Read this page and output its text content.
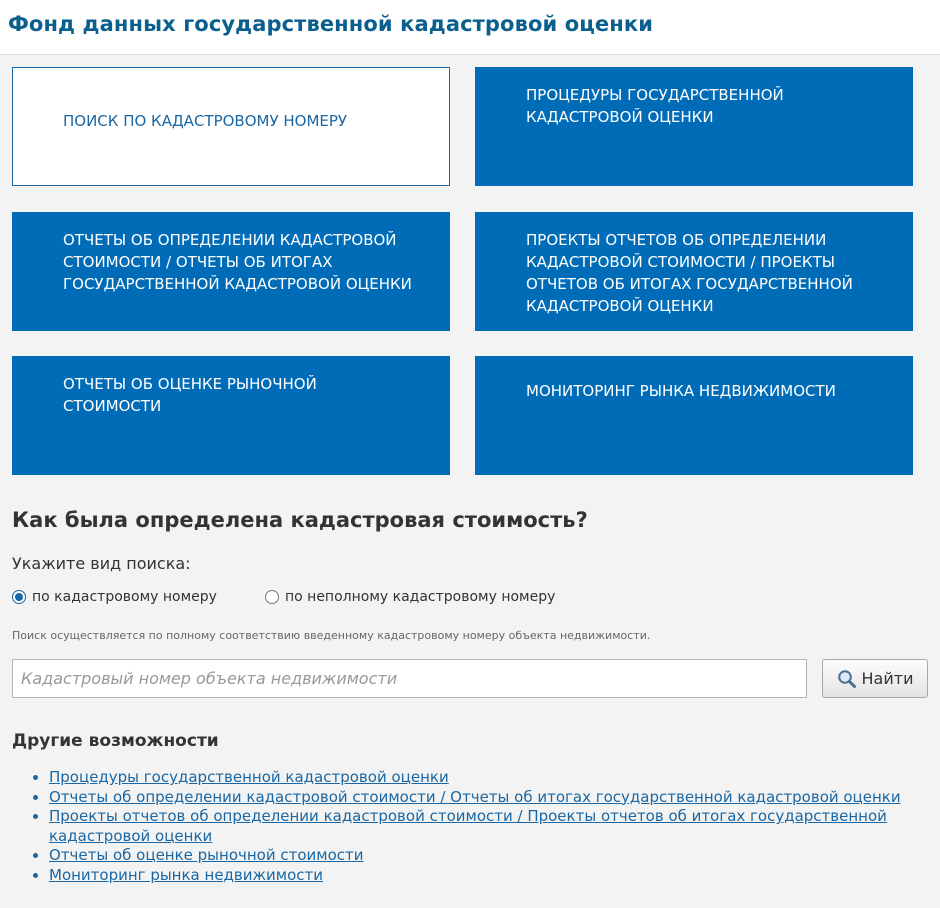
Фонд данных государственной кадастровой оценки
ПОИСК ПО КАДАСТРОВОМУ НОМЕРУ
ПРОЦЕДУРЫ ГОСУДАРСТВЕННОЙ
КАДАСТРОВОЙ ОЦЕНКИ
ОТЧЕТЫ ОБ ОПРЕДЕЛЕНИИ КАДАСТРОВОЙ
СТОИМОСТИ / ОТЧЕТЫ ОБ ИТОГАХ
ГОСУДАРСТВЕННОЙ КАДАСТРОВОЙ ОЦЕНКИ
ПРОЕКТЫ ОТЧЕТОВ ОБ ОПРЕДЕЛЕНИИ
КАДАСТРОВОЙ СТОИМОСТИ / ПРОЕКТЫ
ОТЧЕТОВ ОБ ИТОГАХ ГОСУДАРСТВЕННОЙ
КАДАСТРОВОЙ ОЦЕНКИ
ОТЧЕТЫ ОБ ОЦЕНКЕ РЫНОЧНОЙ
СТОИМОСТИ
МОНИТОРИНГ РЫНКА НЕДВИЖИМОСТИ
Как была определена кадастровая стоимость?
Укажите вид поиска:
по кадастровому номеру	по неполному кадастровому номеру
Поиск осуществляется по полному соответствию введенному кадастровому номеру объекта недвижимости.
Кадастровый номер объекта недвижимости
Найти
Другие возможности
• Процедуры государственной кадастровой оценки
• Отчеты об определении кадастровой стоимости / Отчеты об итогах государственной кадастровой оценки
• Проекты отчетов об определении кадастровой стоимости / Проекты отчетов об итогах государственной кадастровой оценки
• Отчеты об оценке рыночной стоимости
• Мониторинг рынка недвижимости
